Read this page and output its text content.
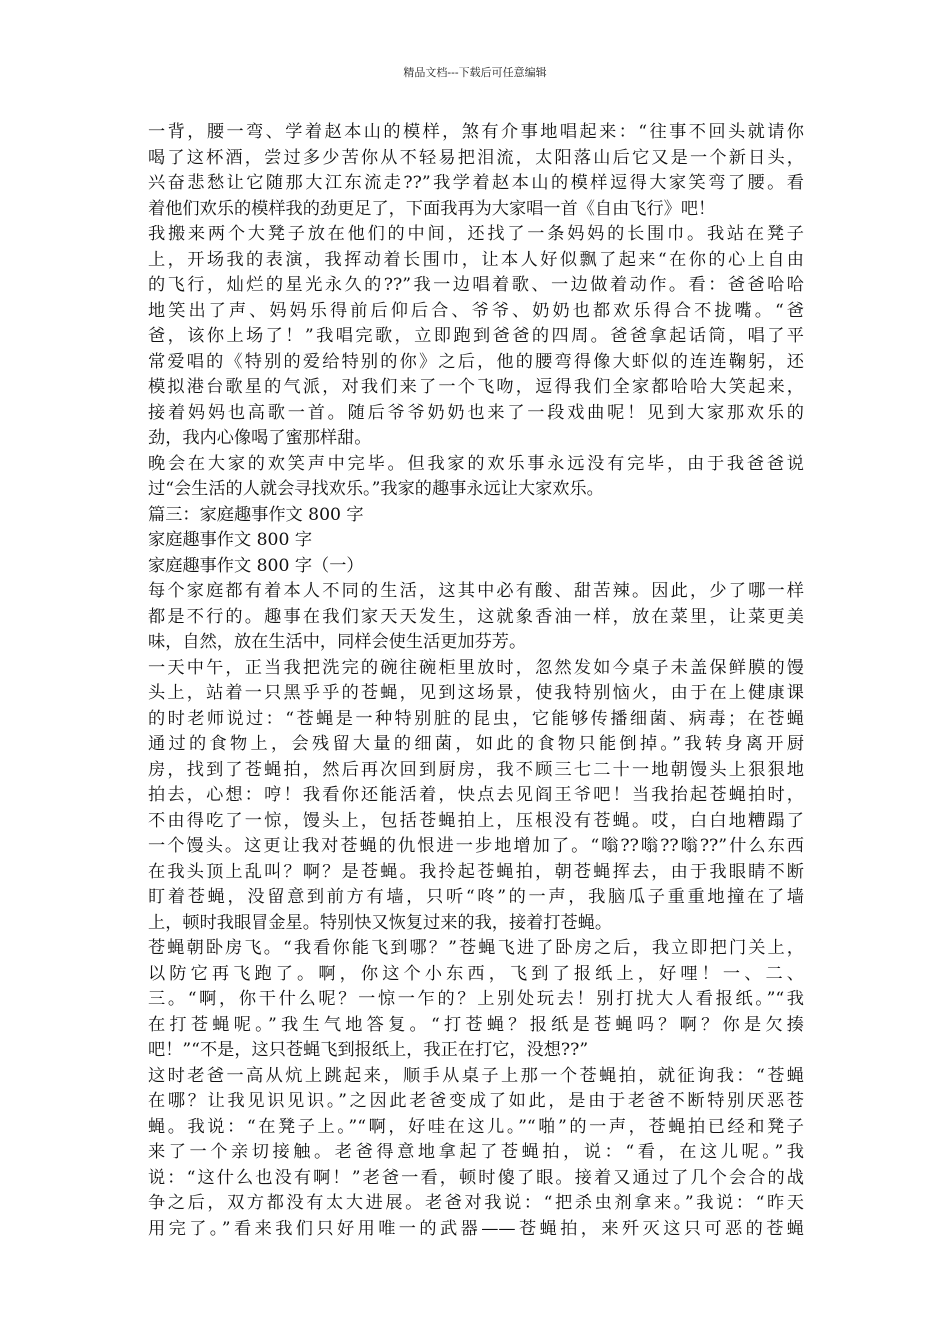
精品文档---下载后可任意编辑
一背，腰一弯、学着赵本山的模样，煞有介事地唱起来：“往事不回头就请你
喝了这杯酒，尝过多少苦你从不轻易把泪流，太阳落山后它又是一个新日头，
兴奋悲愁让它随那大江东流走??”我学着赵本山的模样逗得大家笑弯了腰。看
着他们欢乐的模样我的劲更足了，下面我再为大家唱一首《自由飞行》吧！
我搬来两个大凳子放在他们的中间，还找了一条妈妈的长围巾。我站在凳子
上，开场我的表演，我挥动着长围巾，让本人好似飘了起来“在你的心上自由
的飞行，灿烂的星光永久的??”我一边唱着歌、一边做着动作。看：爸爸哈哈
地笑出了声、妈妈乐得前后仰后合、爷爷、奶奶也都欢乐得合不拢嘴。“爸
爸，该你上场了！”我唱完歌，立即跑到爸爸的四周。爸爸拿起话筒，唱了平
常爱唱的《特别的爱给特别的你》之后，他的腰弯得像大虾似的连连鞠躬，还
模拟港台歌星的气派，对我们来了一个飞吻，逗得我们全家都哈哈大笑起来，
接着妈妈也高歌一首。随后爷爷奶奶也来了一段戏曲呢！见到大家那欢乐的
劲，我内心像喝了蜜那样甜。
晚会在大家的欢笑声中完毕。但我家的欢乐事永远没有完毕，由于我爸爸说
过“会生活的人就会寻找欢乐。”我家的趣事永远让大家欢乐。
篇三：家庭趣事作文 800 字
家庭趣事作文 800 字
家庭趣事作文 800 字（一）
每个家庭都有着本人不同的生活，这其中必有酸、甜苦辣。因此，少了哪一样
都是不行的。趣事在我们家天天发生，这就象香油一样，放在菜里，让菜更美
味，自然，放在生活中，同样会使生活更加芬芳。
一天中午，正当我把洗完的碗往碗柜里放时，忽然发如今桌子未盖保鲜膜的馒
头上，站着一只黑乎乎的苍蝇，见到这场景，使我特别恼火，由于在上健康课
的时老师说过：“苍蝇是一种特别脏的昆虫，它能够传播细菌、病毒；在苍蝇
通过的食物上，会残留大量的细菌，如此的食物只能倒掉。”我转身离开厨
房，找到了苍蝇拍，然后再次回到厨房，我不顾三七二十一地朝馒头上狠狠地
拍去，心想：哼！我看你还能活着，快点去见阎王爷吧！当我抬起苍蝇拍时，
不由得吃了一惊，馒头上，包括苍蝇拍上，压根没有苍蝇。哎，白白地糟蹋了
一个馒头。这更让我对苍蝇的仇恨进一步地增加了。“嗡??嗡??嗡??”什么东西
在我头顶上乱叫？啊？是苍蝇。我拎起苍蝇拍，朝苍蝇挥去，由于我眼睛不断
盯着苍蝇，没留意到前方有墙，只听“咚”的一声，我脑瓜子重重地撞在了墙
上，顿时我眼冒金星。特别快又恢复过来的我，接着打苍蝇。
苍蝇朝卧房飞。“我看你能飞到哪？”苍蝇飞进了卧房之后，我立即把门关上，
以防它再飞跑了。啊，你这个小东西，飞到了报纸上，好哩！一、二、
三。“啊，你干什么呢？一惊一乍的？上别处玩去！别打扰大人看报纸。”“我
在打苍蝇呢。”我生气地答复。“打苍蝇？报纸是苍蝇吗？啊？你是欠揍
吧！”“不是，这只苍蝇飞到报纸上，我正在打它，没想??”
这时老爸一高从炕上跳起来，顺手从桌子上那一个苍蝇拍，就征询我：“苍蝇
在哪？让我见识见识。”之因此老爸变成了如此，是由于老爸不断特别厌恶苍
蝇。我说：“在凳子上。”“啊，好哇在这儿。”“啪”的一声，苍蝇拍已经和凳子
来了一个亲切接触。老爸得意地拿起了苍蝇拍，说：“看，在这儿呢。”我
说：“这什么也没有啊！”老爸一看，顿时傻了眼。接着又通过了几个会合的战
争之后，双方都没有太大进展。老爸对我说：“把杀虫剂拿来。”我说：“昨天
用完了。”看来我们只好用唯一的武器——苍蝇拍，来歼灭这只可恶的苍蝇
